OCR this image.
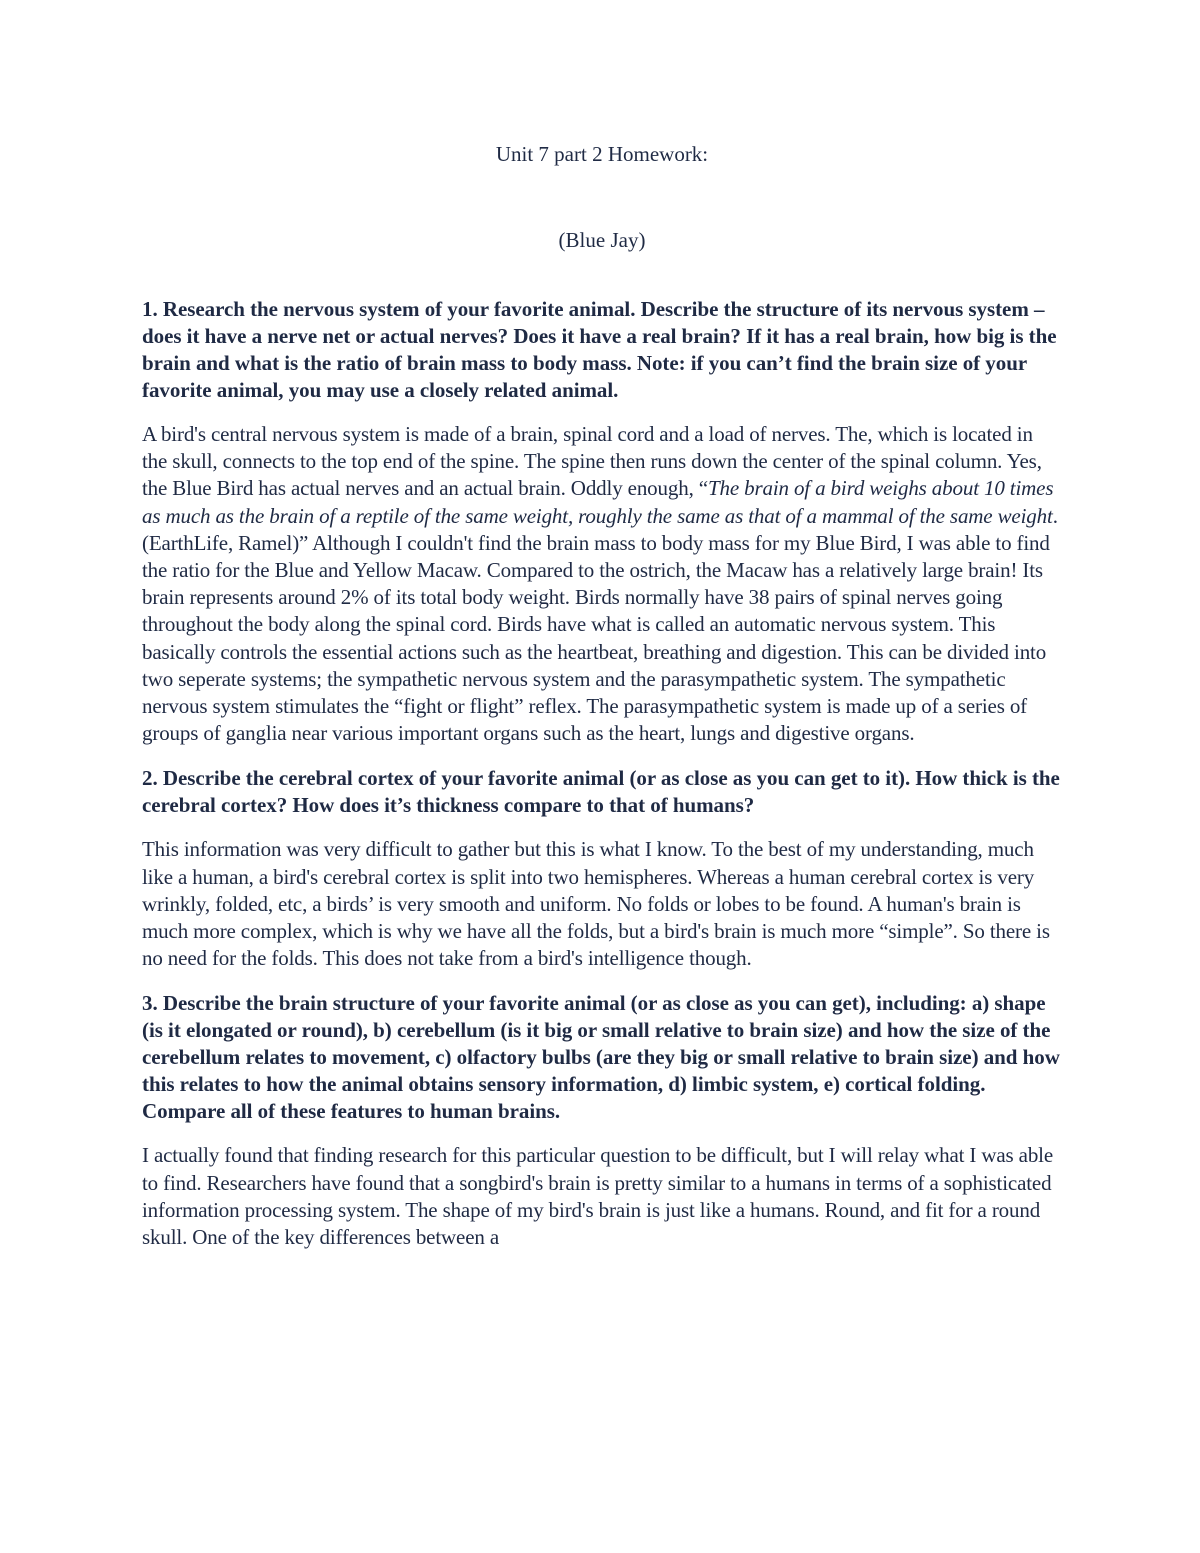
Unit 7 part 2 Homework:

(Blue Jay)

1. Research the nervous system of your favorite animal. Describe the structure of its nervous system – does it have a nerve net or actual nerves? Does it have a real brain? If it has a real brain, how big is the brain and what is the ratio of brain mass to body mass. Note: if you can’t find the brain size of your favorite animal, you may use a closely related animal.

A bird's central nervous system is made of a brain, spinal cord and a load of nerves. The, which is located in the skull, connects to the top end of the spine. The spine then runs down the center of the spinal column. Yes, the Blue Bird has actual nerves and an actual brain. Oddly enough, “The brain of a bird weighs about 10 times as much as the brain of a reptile of the same weight, roughly the same as that of a mammal of the same weight. (EarthLife, Ramel)” Although I couldn't find the brain mass to body mass for my Blue Bird, I was able to find the ratio for the Blue and Yellow Macaw. Compared to the ostrich, the Macaw has a relatively large brain! Its brain represents around 2% of its total body weight. Birds normally have 38 pairs of spinal nerves going throughout the body along the spinal cord. Birds have what is called an automatic nervous system. This basically controls the essential actions such as the heartbeat, breathing and digestion. This can be divided into two seperate systems; the sympathetic nervous system and the parasympathetic system. The sympathetic nervous system stimulates the “fight or flight” reflex. The parasympathetic system is made up of a series of groups of ganglia near various important organs such as the heart, lungs and digestive organs.

2. Describe the cerebral cortex of your favorite animal (or as close as you can get to it). How thick is the cerebral cortex? How does it’s thickness compare to that of humans?

This information was very difficult to gather but this is what I know. To the best of my understanding, much like a human, a bird's cerebral cortex is split into two hemispheres. Whereas a human cerebral cortex is very wrinkly, folded, etc, a birds’ is very smooth and uniform. No folds or lobes to be found. A human's brain is much more complex, which is why we have all the folds, but a bird's brain is much more “simple”. So there is no need for the folds. This does not take from a bird's intelligence though.

3. Describe the brain structure of your favorite animal (or as close as you can get), including: a) shape (is it elongated or round), b) cerebellum (is it big or small relative to brain size) and how the size of the cerebellum relates to movement, c) olfactory bulbs (are they big or small relative to brain size) and how this relates to how the animal obtains sensory information, d) limbic system, e) cortical folding. Compare all of these features to human brains.

I actually found that finding research for this particular question to be difficult, but I will relay what I was able to find. Researchers have found that a songbird's brain is pretty similar to a humans in terms of a sophisticated information processing system. The shape of my bird's brain is just like a humans. Round, and fit for a round skull. One of the key differences between a
